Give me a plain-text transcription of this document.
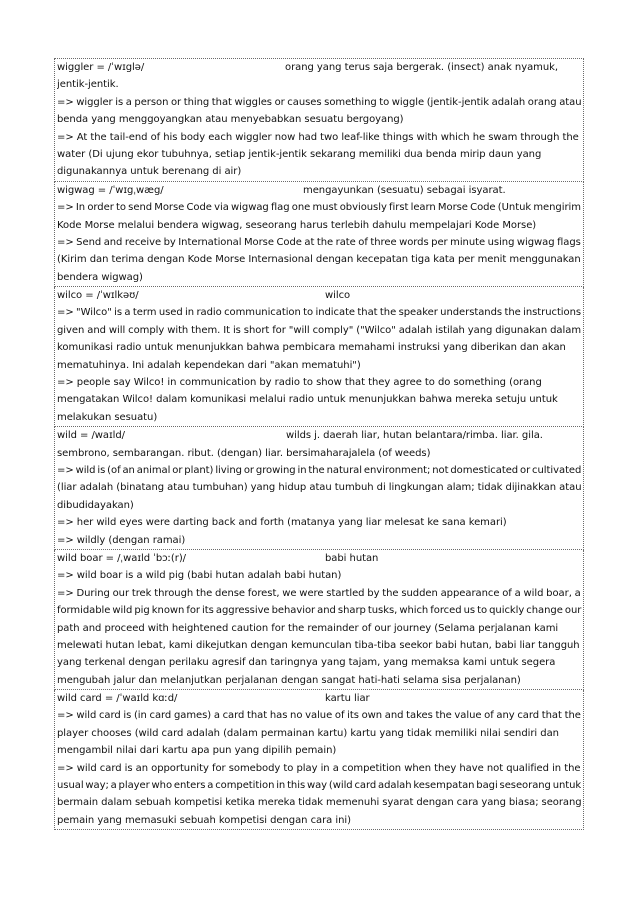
wiggler = /ˈwɪglə/	orang yang terus saja bergerak. (insect) anak nyamuk,
jentik-jentik.
=> wiggler is a person or thing that wiggles or causes something to wiggle (jentik-jentik adalah orang atau
benda yang menggoyangkan atau menyebabkan sesuatu bergoyang)
=> At the tail-end of his body each wiggler now had two leaf-like things with which he swam through the
water (Di ujung ekor tubuhnya, setiap jentik-jentik sekarang memiliki dua benda mirip daun yang
digunakannya untuk berenang di air)
wigwag = /ˈwɪgˌwæg/	mengayunkan (sesuatu) sebagai isyarat.
=> In order to send Morse Code via wigwag flag one must obviously first learn Morse Code (Untuk mengirim
Kode Morse melalui bendera wigwag, seseorang harus terlebih dahulu mempelajari Kode Morse)
=> Send and receive by International Morse Code at the rate of three words per minute using wigwag flags
(Kirim dan terima dengan Kode Morse Internasional dengan kecepatan tiga kata per menit menggunakan
bendera wigwag)
wilco = /ˈwɪlkəʊ/	wilco
=> "Wilco" is a term used in radio communication to indicate that the speaker understands the instructions
given and will comply with them. It is short for "will comply" ("Wilco" adalah istilah yang digunakan dalam
komunikasi radio untuk menunjukkan bahwa pembicara memahami instruksi yang diberikan dan akan
mematuhinya. Ini adalah kependekan dari "akan mematuhi")
=> people say Wilco! in communication by radio to show that they agree to do something (orang
mengatakan Wilco! dalam komunikasi melalui radio untuk menunjukkan bahwa mereka setuju untuk
melakukan sesuatu)
wild = /waɪld/	wilds j. daerah liar, hutan belantara/rimba. liar. gila.
sembrono, sembarangan. ribut. (dengan) liar. bersimaharajalela (of weeds)
=> wild is (of an animal or plant) living or growing in the natural environment; not domesticated or cultivated
(liar adalah (binatang atau tumbuhan) yang hidup atau tumbuh di lingkungan alam; tidak dijinakkan atau
dibudidayakan)
=> her wild eyes were darting back and forth (matanya yang liar melesat ke sana kemari)
=> wildly (dengan ramai)
wild boar = /ˌwaɪld ˈbɔː(r)/	babi hutan
=> wild boar is a wild pig (babi hutan adalah babi hutan)
=> During our trek through the dense forest, we were startled by the sudden appearance of a wild boar, a
formidable wild pig known for its aggressive behavior and sharp tusks, which forced us to quickly change our
path and proceed with heightened caution for the remainder of our journey (Selama perjalanan kami
melewati hutan lebat, kami dikejutkan dengan kemunculan tiba-tiba seekor babi hutan, babi liar tangguh
yang terkenal dengan perilaku agresif dan taringnya yang tajam, yang memaksa kami untuk segera
mengubah jalur dan melanjutkan perjalanan dengan sangat hati-hati selama sisa perjalanan)
wild card = /ˈwaɪld kɑːd/	kartu liar
=> wild card is (in card games) a card that has no value of its own and takes the value of any card that the
player chooses (wild card adalah (dalam permainan kartu) kartu yang tidak memiliki nilai sendiri dan
mengambil nilai dari kartu apa pun yang dipilih pemain)
=> wild card is an opportunity for somebody to play in a competition when they have not qualified in the
usual way; a player who enters a competition in this way (wild card adalah kesempatan bagi seseorang untuk
bermain dalam sebuah kompetisi ketika mereka tidak memenuhi syarat dengan cara yang biasa; seorang
pemain yang memasuki sebuah kompetisi dengan cara ini)
